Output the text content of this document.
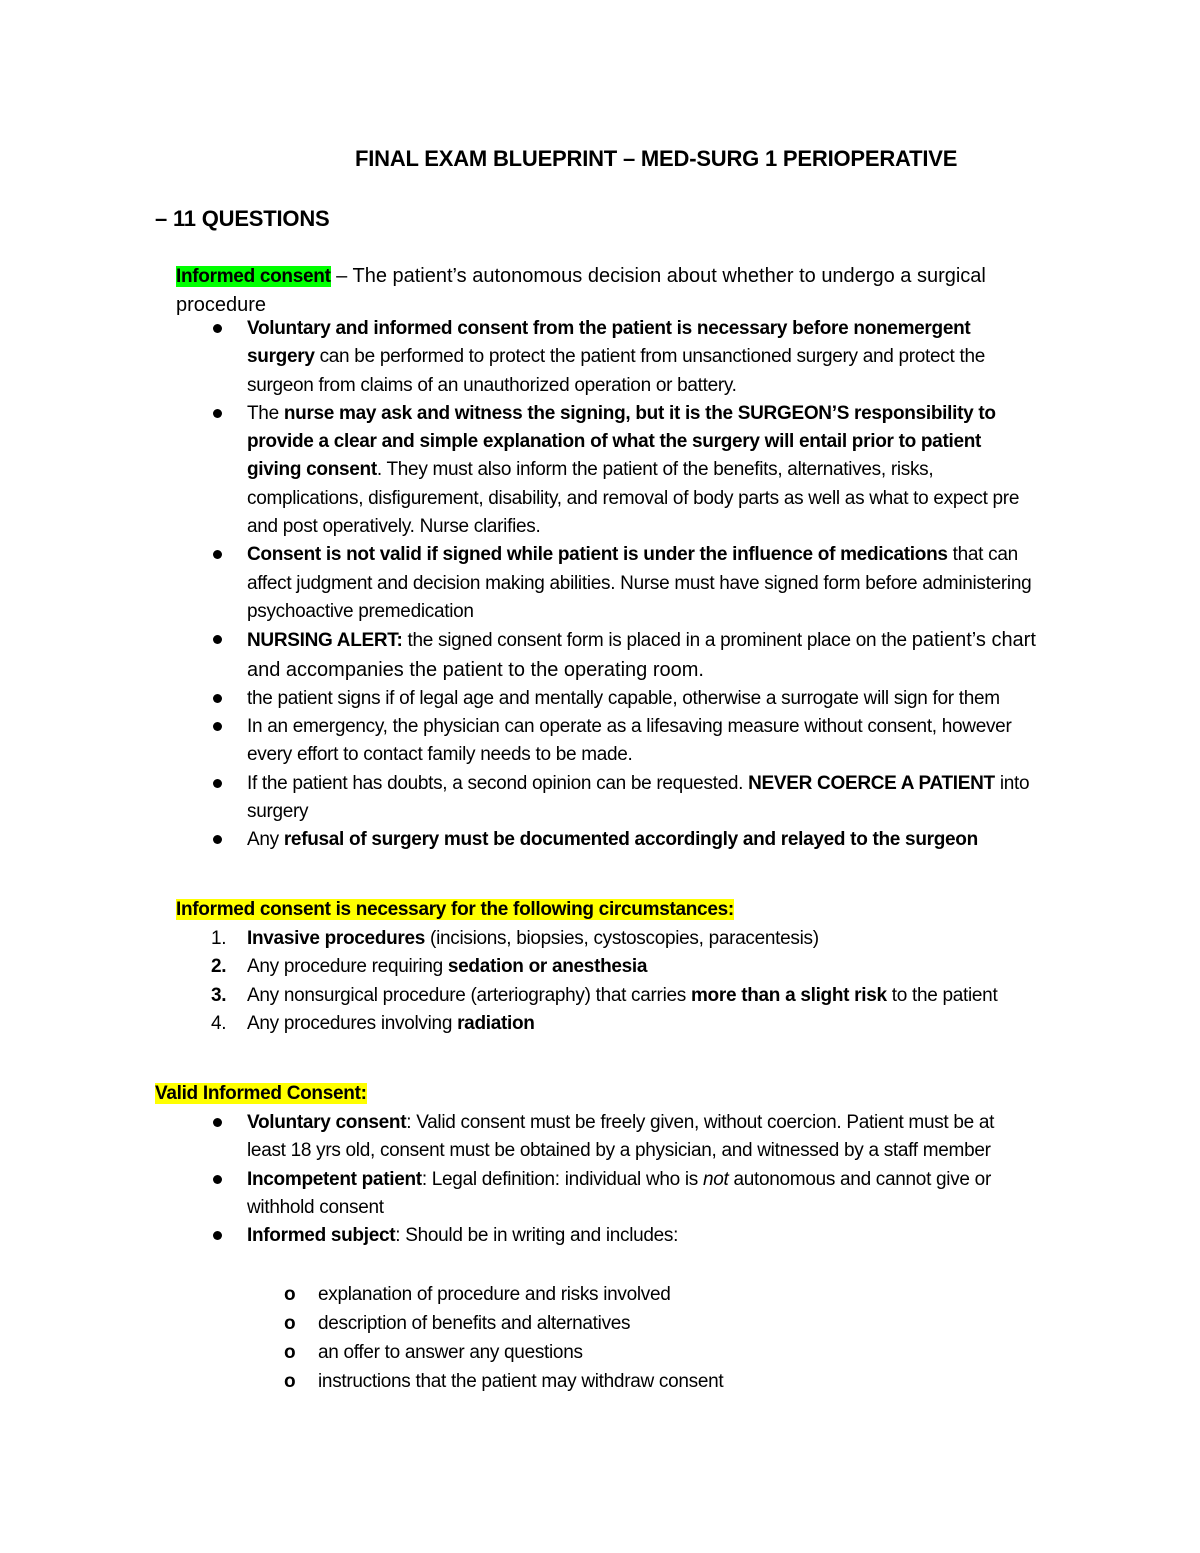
FINAL EXAM BLUEPRINT – MED-SURG 1 PERIOPERATIVE
– 11 QUESTIONS
Informed consent – The patient’s autonomous decision about whether to undergo a surgical procedure
Voluntary and informed consent from the patient is necessary before nonemergent surgery can be performed to protect the patient from unsanctioned surgery and protect the surgeon from claims of an unauthorized operation or battery.
The nurse may ask and witness the signing, but it is the SURGEON’S responsibility to provide a clear and simple explanation of what the surgery will entail prior to patient giving consent. They must also inform the patient of the benefits, alternatives, risks, complications, disfigurement, disability, and removal of body parts as well as what to expect pre and post operatively. Nurse clarifies.
Consent is not valid if signed while patient is under the influence of medications that can affect judgment and decision making abilities. Nurse must have signed form before administering psychoactive premedication
NURSING ALERT: the signed consent form is placed in a prominent place on the patient’s chart and accompanies the patient to the operating room.
the patient signs if of legal age and mentally capable, otherwise a surrogate will sign for them
In an emergency, the physician can operate as a lifesaving measure without consent, however every effort to contact family needs to be made.
If the patient has doubts, a second opinion can be requested. NEVER COERCE A PATIENT into surgery
Any refusal of surgery must be documented accordingly and relayed to the surgeon
Informed consent is necessary for the following circumstances:
1. Invasive procedures (incisions, biopsies, cystoscopies, paracentesis)
2. Any procedure requiring sedation or anesthesia
3. Any nonsurgical procedure (arteriography) that carries more than a slight risk to the patient
4. Any procedures involving radiation
Valid Informed Consent:
Voluntary consent: Valid consent must be freely given, without coercion. Patient must be at least 18 yrs old, consent must be obtained by a physician, and witnessed by a staff member
Incompetent patient: Legal definition: individual who is not autonomous and cannot give or withhold consent
Informed subject: Should be in writing and includes:
o explanation of procedure and risks involved
o description of benefits and alternatives
o an offer to answer any questions
o instructions that the patient may withdraw consent
